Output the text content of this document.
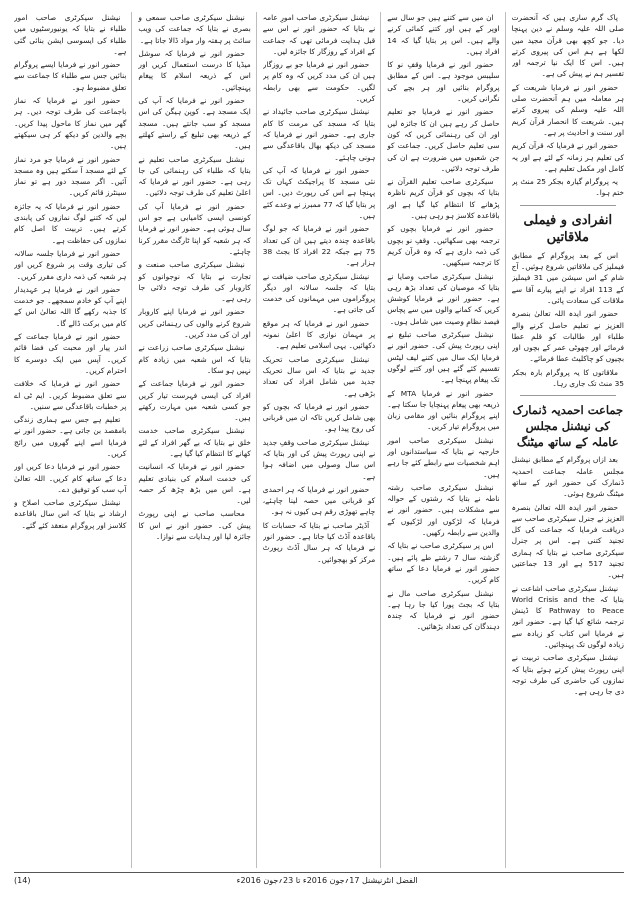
پاک گرم ساری ہیں کہ آنحضرت صلی اللہ علیہ وسلم نے دین پہنچا دیا۔ جو کچھ بھی قرآن مجید میں لکھا ہے ہم اس کی پیروی کرتے ہیں۔ اس کا ایک نیا ترجمہ اور تفسیر ہم نے پیش کی ہے۔

حضورِ انور نے فرمایا شریعت کے ہر معاملہ میں ہم آنحضرت صلی اللہ علیہ وسلم کی پیروی کرتے ہیں۔ شریعت کا انحصار قرآن کریم اور سنت و احادیث پر ہے۔

حضور انور نے فرمایا کہ قرآن کریم کی تعلیم ہر زمانہ کے لئے ہے اور یہ کامل اور مکمل تعلیم ہے۔

یہ پروگرام گیارہ بجکر 25 منٹ پر ختم ہوا۔

انفرادی و فیملی ملاقاتیں

اس کے بعد پروگرام کے مطابق فیملیز کی ملاقاتیں شروع ہوئیں۔ آج شام کے اس سیشن میں 31 فیملیز کے 113 افراد نے اپنے پیارے آقا سے ملاقات کی سعادت پائی۔

حضور انور ایدہ اللہ تعالیٰ بنصرہ العزیز نے تعلیم حاصل کرنے والے طلباء اور طالبات کو قلم عطا فرمائے اور چھوٹی عمر کے بچوں اور بچیوں کو چاکلیٹ عطا فرمائے۔

ملاقاتوں کا یہ پروگرام بارہ بجکر 35 منٹ تک جاری رہا۔

جماعت احمدیہ ڈنمارک کی نیشنل مجلس عاملہ کے ساتھ میٹنگ

بعد ازاں پروگرام کے مطابق نیشنل مجلس عاملہ جماعت احمدیہ ڈنمارک کی حضور انور کے ساتھ میٹنگ شروع ہوئی۔

حضور انور ایدہ اللہ تعالیٰ بنصرہ العزیز نے جنرل سیکرٹری صاحب سے دریافت فرمایا کہ جماعت کی کل تجنید کتنی ہے۔ اس پر جنرل سیکرٹری صاحب نے بتایا کہ ہماری تجنید 517 ہے اور 13 جماعتیں ہیں۔

نیشنل سیکرٹری صاحب اشاعت نے بتایا کہ World Crisis and the Pathway to Peace کا ڈینش ترجمہ شائع کیا گیا ہے۔ حضور انور نے فرمایا اس کتاب کو زیادہ سے زیادہ لوگوں تک پہنچائیں۔

نیشنل سیکرٹری صاحب تربیت نے اپنی رپورٹ پیش کرتے ہوئے بتایا کہ نمازوں کی حاضری کی طرف توجہ دی جا رہی ہے۔

ان میں سے کتنے ہیں جو سال سے اوپر کے ہیں اور کتنے کمائی کرنے والے ہیں۔ اس پر بتایا گیا کہ 14 افراد ہیں۔

حضور انور نے فرمایا وقفِ نو کا سلیبس موجود ہے۔ اس کے مطابق پروگرام بنائیں اور ہر بچے کی نگرانی کریں۔

حضور انور نے فرمایا جو تعلیم حاصل کر رہے ہیں ان کا جائزہ لیں اور ان کی رہنمائی کریں کہ کون سی تعلیم حاصل کریں۔ جماعت کو جن شعبوں میں ضرورت ہے ان کی طرف توجہ دلائیں۔

سیکرٹری صاحب تعلیم القرآن نے بتایا کہ بچوں کو قرآن کریم ناظرہ پڑھانے کا انتظام کیا گیا ہے اور باقاعدہ کلاسز ہو رہی ہیں۔

حضور انور نے فرمایا بچوں کو ترجمہ بھی سکھائیں۔ وقفِ نو بچوں کی ذمہ داری ہے کہ وہ قرآن کریم کا ترجمہ سیکھیں۔

نیشنل سیکرٹری صاحب وصایا نے بتایا کہ موصیان کی تعداد بڑھ رہی ہے۔ حضور انور نے فرمایا کوشش کریں کہ کمانے والوں میں سے پچاس فیصد نظامِ وصیت میں شامل ہوں۔

نیشنل سیکرٹری صاحب تبلیغ نے اپنی رپورٹ پیش کی۔ حضور انور نے فرمایا ایک سال میں کتنے لیف لیٹس تقسیم کئے گئے ہیں اور کتنے لوگوں تک پیغام پہنچا ہے۔

حضور انور نے فرمایا MTA کے ذریعہ بھی پیغام پہنچایا جا سکتا ہے۔ اپنے پروگرام بنائیں اور مقامی زبان میں پروگرام تیار کریں۔

نیشنل سیکرٹری صاحب امور خارجیہ نے بتایا کہ سیاستدانوں اور اہم شخصیات سے رابطے کئے جا رہے ہیں۔

نیشنل سیکرٹری صاحب رشتہ ناطہ نے بتایا کہ رشتوں کے حوالہ سے مشکلات ہیں۔ حضور انور نے فرمایا کہ لڑکوں اور لڑکیوں کے والدین سے رابطہ رکھیں۔

اس پر سیکرٹری صاحب نے بتایا کہ گزشتہ سال 7 رشتے طے پائے ہیں۔ حضور انور نے فرمایا دعا کے ساتھ کام کریں۔

نیشنل سیکرٹری صاحب مال نے بتایا کہ بجٹ پورا کیا جا رہا ہے۔ حضور انور نے فرمایا کہ چندہ دہندگان کی تعداد بڑھائیں۔

نیشنل سیکرٹری صاحب امورِ عامہ نے بتایا کہ حضور انور نے اس سے قبل ہدایت فرمائی تھی کہ جماعت کے افراد کے روزگار کا جائزہ لیں۔

حضور انور نے فرمایا جو بے روزگار ہیں ان کی مدد کریں کہ وہ کام پر لگیں۔ حکومت سے بھی رابطہ کریں۔

نیشنل سیکرٹری صاحب جائیداد نے بتایا کہ مسجد کی مرمت کا کام جاری ہے۔ حضور انور نے فرمایا کہ مسجد کی دیکھ بھال باقاعدگی سے ہونی چاہئے۔

حضور انور نے فرمایا کہ آپ کی نئی مسجد کا پراجیکٹ کہاں تک پہنچا ہے اس کی رپورٹ دیں۔ اس پر بتایا گیا کہ 77 ممبرز نے وعدے کئے ہیں۔

حضور انور نے فرمایا کہ جو لوگ باقاعدہ چندہ دیتے ہیں ان کی تعداد 75 ہے جبکہ 22 افراد کا بجٹ 38 ہزار ہے۔

نیشنل سیکرٹری صاحب ضیافت نے بتایا کہ جلسہ سالانہ اور دیگر پروگراموں میں مہمانوں کی خدمت کی جاتی ہے۔

حضور انور نے فرمایا کہ ہر موقع پر مہمان نوازی کا اعلیٰ نمونہ دکھائیں۔ یہی اسلامی تعلیم ہے۔

نیشنل سیکرٹری صاحب تحریک جدید نے بتایا کہ اس سال تحریک جدید میں شامل افراد کی تعداد بڑھی ہے۔

حضور انور نے فرمایا کہ بچوں کو بھی شامل کریں تاکہ ان میں قربانی کی روح پیدا ہو۔

نیشنل سیکرٹری صاحب وقفِ جدید نے اپنی رپورٹ پیش کی اور بتایا کہ اس سال وصولی میں اضافہ ہوا ہے۔

حضور انور نے فرمایا کہ ہر احمدی کو قربانی میں حصہ لینا چاہئے، چاہے تھوڑی رقم ہی کیوں نہ ہو۔

آڈیٹر صاحب نے بتایا کہ حسابات کا باقاعدہ آڈٹ کیا جاتا ہے۔ حضور انور نے فرمایا کہ ہر سال آڈٹ رپورٹ مرکز کو بھجوائیں۔

نیشنل سیکرٹری صاحب سمعی و بصری نے بتایا کہ جماعت کی ویب سائٹ پر ہفتہ وار مواد ڈالا جاتا ہے۔

حضور انور نے فرمایا کہ سوشل میڈیا کا درست استعمال کریں اور اس کے ذریعہ اسلام کا پیغام پہنچائیں۔

حضور انور نے فرمایا کہ آپ کی ایک مسجد ہے۔ کوپن ہیگن کی اس مسجد کو سب جانتے ہیں۔ مسجد کے ذریعہ بھی تبلیغ کے راستے کھلتے ہیں۔

نیشنل سیکرٹری صاحب تعلیم نے بتایا کہ طلباء کی رہنمائی کی جا رہی ہے۔ حضور انور نے فرمایا کہ اعلیٰ تعلیم کی طرف توجہ دلائیں۔

حضور انور نے فرمایا آپ کی کونسی ایسی کامیابی ہے جو اس سال ہوئی ہے۔ حضور انور نے فرمایا کہ ہر شعبہ کو اپنا ٹارگٹ مقرر کرنا چاہئے۔

نیشنل سیکرٹری صاحب صنعت و تجارت نے بتایا کہ نوجوانوں کو کاروبار کی طرف توجہ دلائی جا رہی ہے۔

حضور انور نے فرمایا اپنے کاروبار شروع کرنے والوں کی رہنمائی کریں اور ان کی مدد کریں۔

نیشنل سیکرٹری صاحب زراعت نے بتایا کہ اس شعبہ میں زیادہ کام نہیں ہو سکا۔

حضور انور نے فرمایا جماعت کے افراد کی ایسی فہرست تیار کریں جو کسی شعبہ میں مہارت رکھتے ہیں۔

نیشنل سیکرٹری صاحب خدمت خلق نے بتایا کہ بے گھر افراد کے لئے کھانے کا انتظام کیا گیا ہے۔

حضور انور نے فرمایا کہ انسانیت کی خدمت اسلام کی بنیادی تعلیم ہے۔ اس میں بڑھ چڑھ کر حصہ لیں۔

محاسب صاحب نے اپنی رپورٹ پیش کی۔ حضور انور نے اس کا جائزہ لیا اور ہدایات سے نوازا۔

نیشنل سیکرٹری صاحب امور طلباء نے بتایا کہ یونیورسٹیوں میں طلباء کی ایسوسی ایشن بنائی گئی ہے۔

حضور انور نے فرمایا ایسے پروگرام بنائیں جس سے طلباء کا جماعت سے تعلق مضبوط ہو۔

حضور انور نے فرمایا کہ نماز باجماعت کی طرف توجہ دیں۔ ہر گھر میں نماز کا ماحول پیدا کریں۔ بچے والدین کو دیکھ کر ہی سیکھتے ہیں۔

حضور انور نے فرمایا جو مرد نماز کے لئے مسجد آ سکتے ہیں وہ مسجد آئیں۔ اگر مسجد دور ہے تو نماز سینٹرز قائم کریں۔

حضور انور نے فرمایا کہ یہ جائزہ لیں کہ کتنے لوگ نمازوں کی پابندی کرتے ہیں۔ تربیت کا اصل کام نمازوں کی حفاظت ہے۔

حضور انور نے فرمایا جلسہ سالانہ کی تیاری وقت پر شروع کریں اور ہر شعبہ کی ذمہ داری مقرر کریں۔

حضور انور نے فرمایا ہر عہدیدار اپنے آپ کو خادم سمجھے۔ جو خدمت کا جذبہ رکھے گا اللہ تعالیٰ اس کے کام میں برکت ڈالے گا۔

حضور انور نے فرمایا جماعت کے اندر پیار اور محبت کی فضا قائم کریں۔ آپس میں ایک دوسرے کا احترام کریں۔

حضور انور نے فرمایا کہ خلافت سے تعلق مضبوط کریں۔ ایم ٹی اے پر خطبات باقاعدگی سے سنیں۔

تعلیم ہے جس سے ہماری زندگی بامقصد بن جاتی ہے۔ حضور انور نے فرمایا اسے اپنے گھروں میں رائج کریں۔

حضور انور نے فرمایا دعا کریں اور دعا کے ساتھ کام کریں۔ اللہ تعالیٰ آپ سب کو توفیق دے۔

نیشنل سیکرٹری صاحب اصلاح و ارشاد نے بتایا کہ اس سال باقاعدہ کلاسز اور پروگرام منعقد کئے گئے۔

الفضل انٹرنیشنل 17؍جون 2016ء تا 23؍جون 2016ء
(14)
